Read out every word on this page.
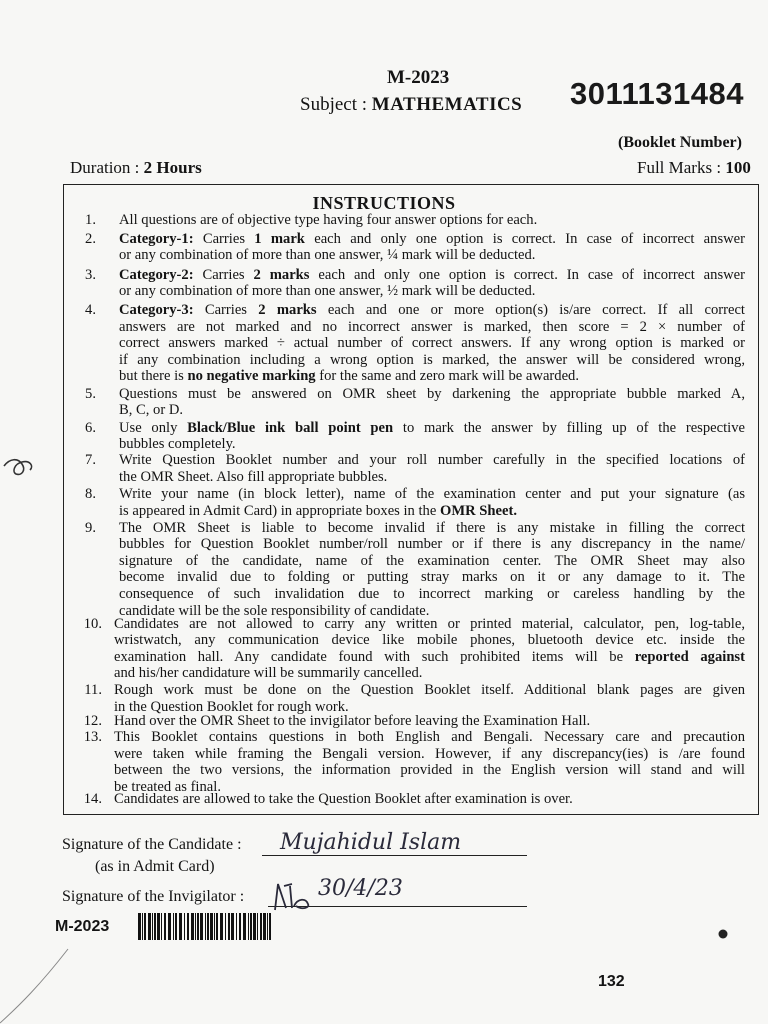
M-2023
Subject : MATHEMATICS 3011131484
(Booklet Number)
Duration : 2 Hours	Full Marks : 100
INSTRUCTIONS
1. All questions are of objective type having four answer options for each.
2. Category-1: Carries 1 mark each and only one option is correct. In case of incorrect answer
or any combination of more than one answer, ¼ mark will be deducted.
3. Category-2: Carries 2 marks each and only one option is correct. In case of incorrect answer
or any combination of more than one answer, ½ mark will be deducted.
4. Category-3: Carries 2 marks each and one or more option(s) is/are correct. If all correct
answers are not marked and no incorrect answer is marked, then score = 2 × number of
correct answers marked ÷ actual number of correct answers. If any wrong option is marked or
if any combination including a wrong option is marked, the answer will be considered wrong,
but there is no negative marking for the same and zero mark will be awarded.
5. Questions must be answered on OMR sheet by darkening the appropriate bubble marked A,
B, C, or D.
6. Use only Black/Blue ink ball point pen to mark the answer by filling up of the respective
bubbles completely.
7. Write Question Booklet number and your roll number carefully in the specified locations of
the OMR Sheet. Also fill appropriate bubbles.
8. Write your name (in block letter), name of the examination center and put your signature (as
is appeared in Admit Card) in appropriate boxes in the OMR Sheet.
9. The OMR Sheet is liable to become invalid if there is any mistake in filling the correct
bubbles for Question Booklet number/roll number or if there is any discrepancy in the name/
signature of the candidate, name of the examination center. The OMR Sheet may also
become invalid due to folding or putting stray marks on it or any damage to it. The
consequence of such invalidation due to incorrect marking or careless handling by the
candidate will be the sole responsibility of candidate.
10. Candidates are not allowed to carry any written or printed material, calculator, pen, log-table,
wristwatch, any communication device like mobile phones, bluetooth device etc. inside the
examination hall. Any candidate found with such prohibited items will be reported against
and his/her candidature will be summarily cancelled.
11. Rough work must be done on the Question Booklet itself. Additional blank pages are given
in the Question Booklet for rough work.
12. Hand over the OMR Sheet to the invigilator before leaving the Examination Hall.
13. This Booklet contains questions in both English and Bengali. Necessary care and precaution
were taken while framing the Bengali version. However, if any discrepancy(ies) is /are found
between the two versions, the information provided in the English version will stand and will
be treated as final.
14. Candidates are allowed to take the Question Booklet after examination is over.
Signature of the Candidate :
(as in Admit Card)
Mujahidul Islam
Signature of the Invigilator :	30/4/23
M-2023
132
